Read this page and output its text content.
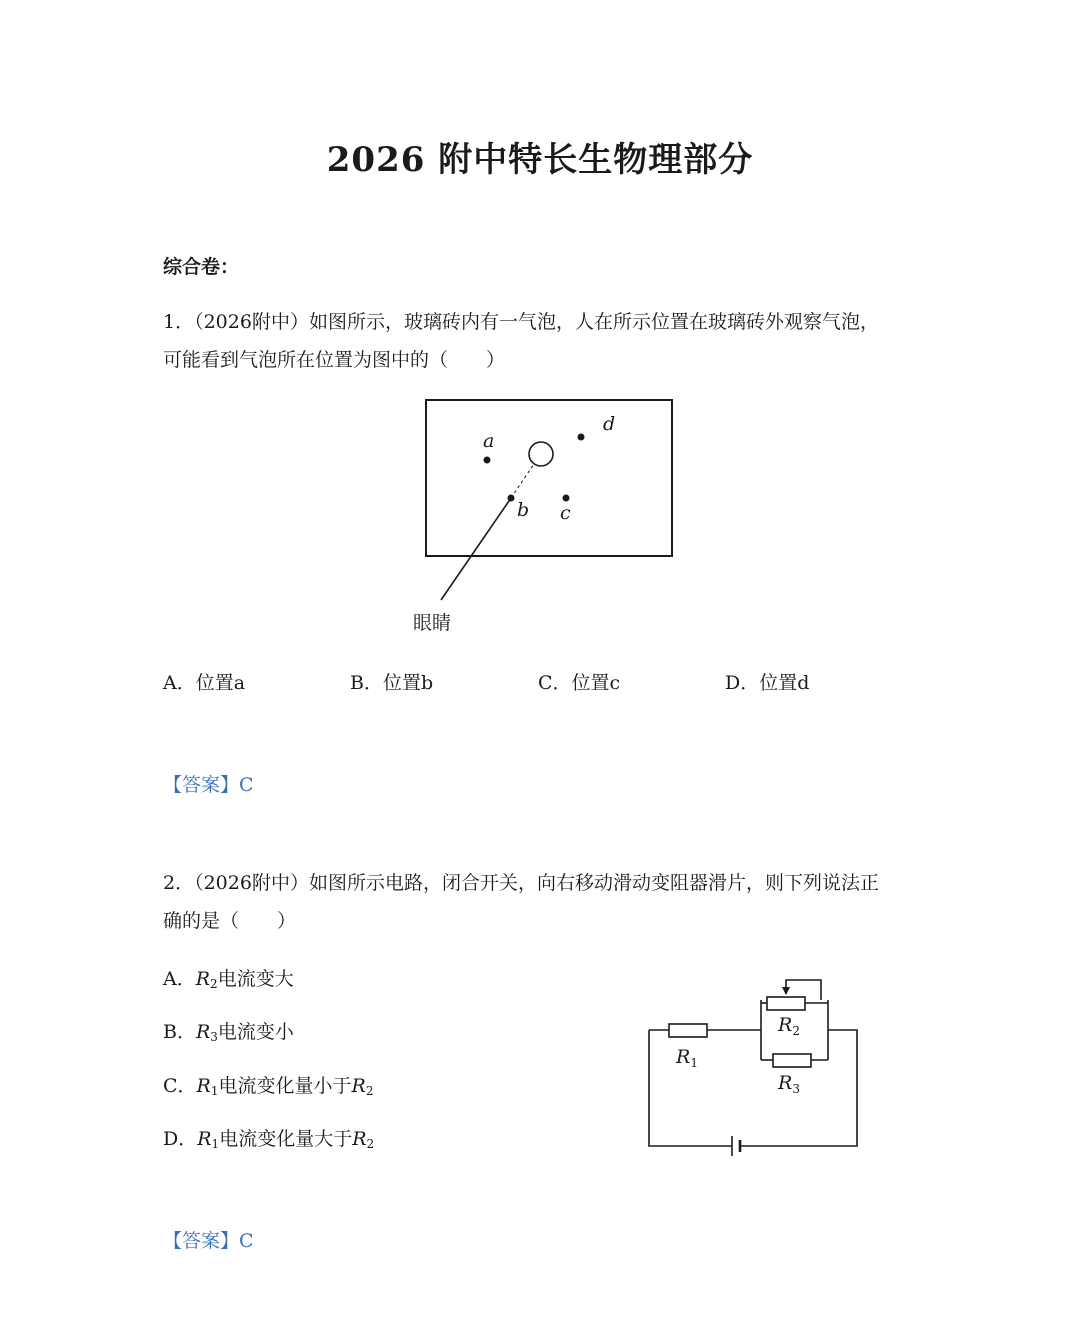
2026 附中特长生物理部分
综合卷：
1．（2026附中）如图所示，玻璃砖内有一气泡，人在所示位置在玻璃砖外观察气泡，
可能看到气泡所在位置为图中的（　　）
a
b c
d
眼睛
A．位置a	B．位置b	C．位置c	D．位置d
【答案】C
2．（2026附中）如图所示电路，闭合开关，向右移动滑动变阻器滑片，则下列说法正
确的是（　　）
A．$R_2$电流变大
B．$R_3$电流变小
C．$R_1$电流变化量小于$R_2$
D．$R_1$电流变化量大于$R_2$
$R_1$
$R_2$
$R_3$
【答案】C
